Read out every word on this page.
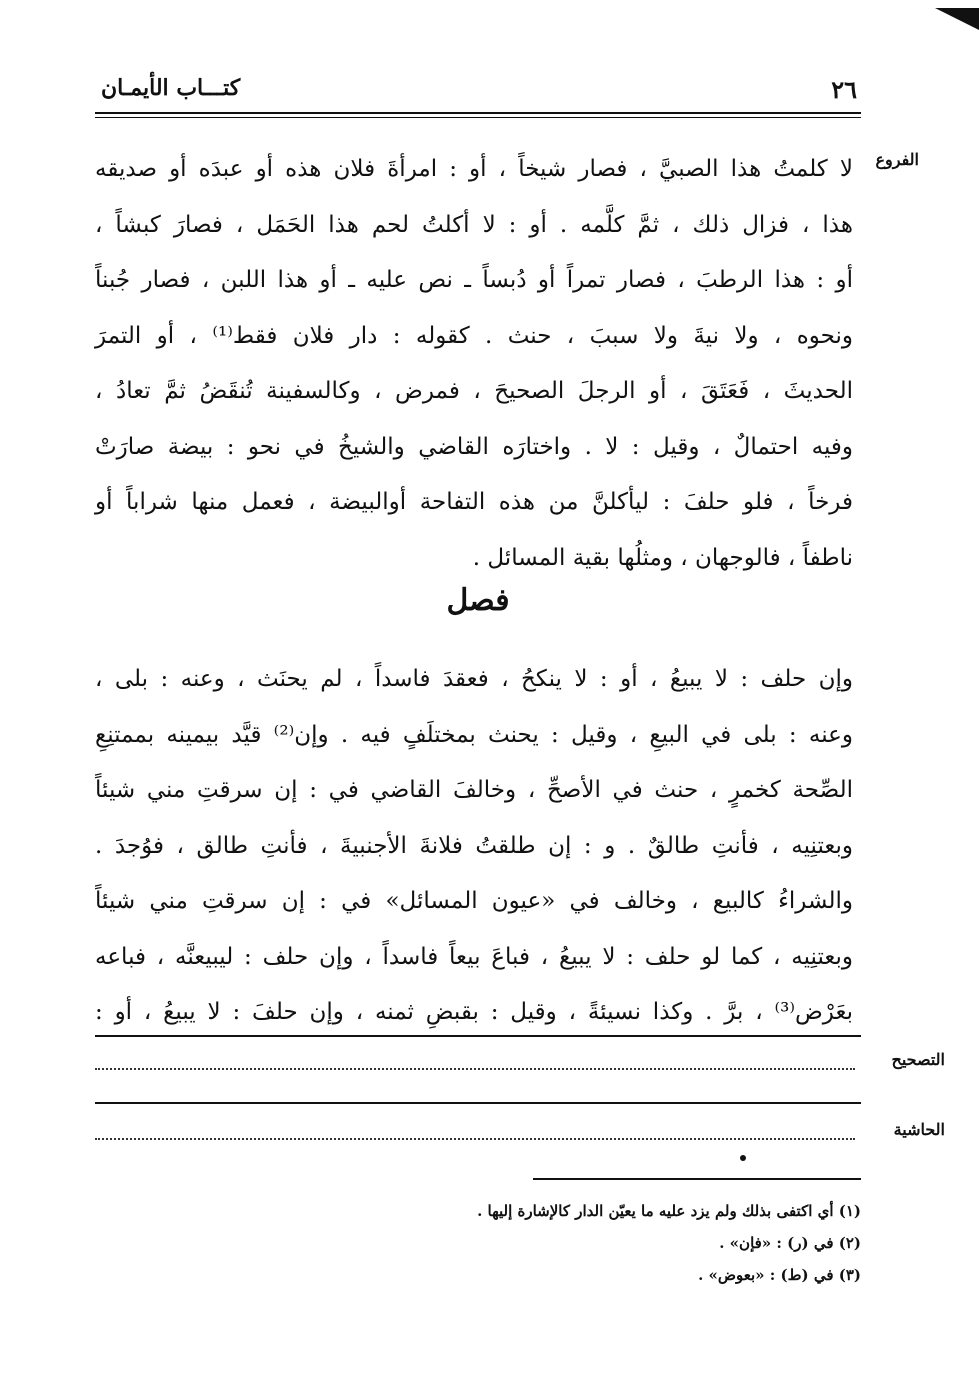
٢٦
كتـــاب الأيمـان
الفروع
لا كلمتُ هذا الصبيَّ ، فصار شيخاً ، أو : امرأةَ فلان هذه أو عبدَه أو صديقه
هذا ، فزال ذلك ، ثمَّ كلَّمه . أو : لا أكلتُ لحم هذا الحَمَل ، فصارَ كبشاً ،
أو : هذا الرطبَ ، فصار تمراً أو دُبساً ـ نص عليه ـ أو هذا اللبن ، فصار جُبناً
ونحوه ، ولا نيةَ ولا سببَ ، حنث . كقوله : دار فلان فقط⁽¹⁾ ، أو التمرَ
الحديثَ ، فَعَتَقَ ، أو الرجلَ الصحيحَ ، فمرض ، وكالسفينة تُنقَضُ ثمَّ تعادُ ،
وفيه احتمالٌ ، وقيل : لا . واختارَه القاضي والشيخُ في نحو : بيضة صارَتْ
فرخاً ، فلو حلفَ : ليأكلنَّ من هذه التفاحة أوالبيضة ، فعمل منها شراباً أو
ناطفاً ، فالوجهان ، ومثلُها بقية المسائل .
فصل
وإن حلف : لا يبيعُ ، أو : لا ينكحُ ، فعقدَ فاسداً ، لم يحنَث ، وعنه : بلى ،
وعنه : بلى في البيعِ ، وقيل : يحنث بمختلَفٍ فيه . وإن⁽²⁾ قيَّد بيمينه بممتنِعِ
الصِّحة كخمرٍ ، حنث في الأصحِّ ، وخالفَ القاضي في : إن سرقتِ مني شيئاً
وبعتنِيه ، فأنتِ طالقٌ . و : إن طلقتُ فلانةَ الأجنبيةَ ، فأنتِ طالق ، فوُجدَ .
والشراءُ كالبيع ، وخالف في «عيون المسائل» في : إن سرقتِ مني شيئاً
وبعتنِيه ، كما لو حلف : لا يبيعُ ، فباعَ بيعاً فاسداً ، وإن حلف : ليبيعنَّه ، فباعه
بعَرْض⁽³⁾ ، برَّ . وكذا نسيئةً ، وقيل : بقبضِ ثمنه ، وإن حلفَ : لا يبيعُ ، أو :
التصحيح
الحاشية
(١) أي اكتفى بذلك ولم يزد عليه ما يعيّن الدار كالإشارة إليها .
(٢) في (ر) : «فإن» .
(٣) في (ط) : «بعوض» .
